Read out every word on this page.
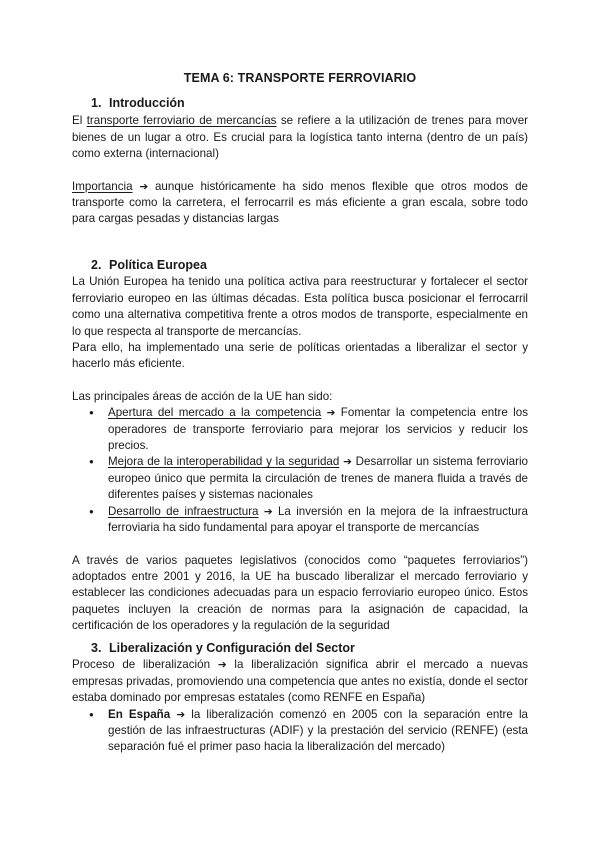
TEMA 6: TRANSPORTE FERROVIARIO
1. Introducción
El transporte ferroviario de mercancías se refiere a la utilización de trenes para mover bienes de un lugar a otro. Es crucial para la logística tanto interna (dentro de un país) como externa (internacional)
Importancia ➔ aunque históricamente ha sido menos flexible que otros modos de transporte como la carretera, el ferrocarril es más eficiente a gran escala, sobre todo para cargas pesadas y distancias largas
2. Política Europea
La Unión Europea ha tenido una política activa para reestructurar y fortalecer el sector ferroviario europeo en las últimas décadas. Esta política busca posicionar el ferrocarril como una alternativa competitiva frente a otros modos de transporte, especialmente en lo que respecta al transporte de mercancías.
Para ello, ha implementado una serie de políticas orientadas a liberalizar el sector y hacerlo más eficiente.
Las principales áreas de acción de la UE han sido:
● Apertura del mercado a la competencia ➔ Fomentar la competencia entre los operadores de transporte ferroviario para mejorar los servicios y reducir los precios.
● Mejora de la interoperabilidad y la seguridad ➔ Desarrollar un sistema ferroviario europeo único que permita la circulación de trenes de manera fluida a través de diferentes países y sistemas nacionales
● Desarrollo de infraestructura ➔ La inversión en la mejora de la infraestructura ferroviaria ha sido fundamental para apoyar el transporte de mercancías
A través de varios paquetes legislativos (conocidos como “paquetes ferroviarios”) adoptados entre 2001 y 2016, la UE ha buscado liberalizar el mercado ferroviario y establecer las condiciones adecuadas para un espacio ferroviario europeo único. Estos paquetes incluyen la creación de normas para la asignación de capacidad, la certificación de los operadores y la regulación de la seguridad
3. Liberalización y Configuración del Sector
Proceso de liberalización ➔ la liberalización significa abrir el mercado a nuevas empresas privadas, promoviendo una competencia que antes no existía, donde el sector estaba dominado por empresas estatales (como RENFE en España)
● En España ➔ la liberalización comenzó en 2005 con la separación entre la gestión de las infraestructuras (ADIF) y la prestación del servicio (RENFE) (esta separación fué el primer paso hacia la liberalización del mercado)
